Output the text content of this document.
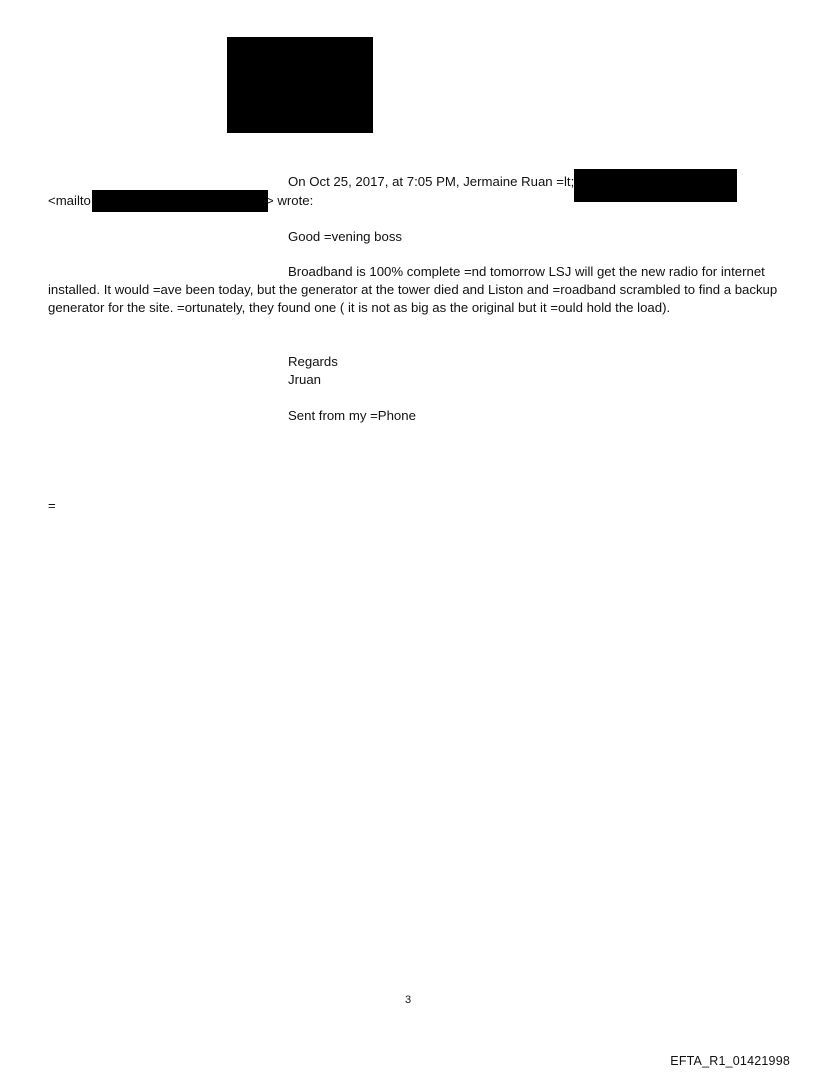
On Oct 25, 2017, at 7:05 PM, Jermaine Ruan =lt;
<mailto	> wrote:
Good =vening boss
Broadband is 100% complete =nd tomorrow LSJ will get the new radio for internet installed. It would =ave been today, but the generator at the tower died and Liston and =roadband scrambled to find a backup generator for the site. =ortunately, they found one ( it is not as big as the original but it =ould hold the load).
Regards
Jruan
Sent from my =Phone
=
3
EFTA_R1_01421998
